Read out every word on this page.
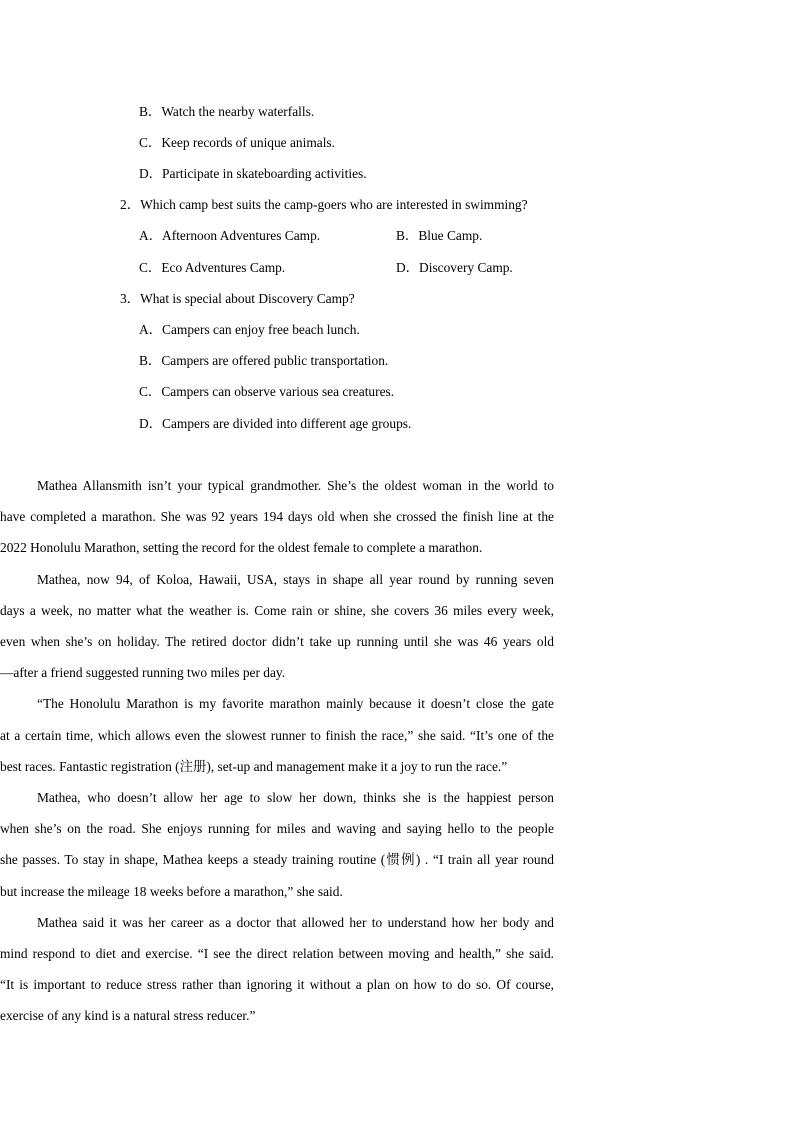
B．Watch the nearby waterfalls.
C．Keep records of unique animals.
D．Participate in skateboarding activities.
2．Which camp best suits the camp-goers who are interested in swimming?
A．Afternoon Adventures Camp.	B．Blue Camp.
C．Eco Adventures Camp.	D．Discovery Camp.
3．What is special about Discovery Camp?
A．Campers can enjoy free beach lunch.
B．Campers are offered public transportation.
C．Campers can observe various sea creatures.
D．Campers are divided into different age groups.
Mathea Allansmith isn’t your typical grandmother. She’s the oldest woman in the world to
have completed a marathon. She was 92 years 194 days old when she crossed the finish line at the
2022 Honolulu Marathon, setting the record for the oldest female to complete a marathon.
Mathea, now 94, of Koloa, Hawaii, USA, stays in shape all year round by running seven
days a week, no matter what the weather is. Come rain or shine, she covers 36 miles every week,
even when she’s on holiday. The retired doctor didn’t take up running until she was 46 years old
—after a friend suggested running two miles per day.
“The Honolulu Marathon is my favorite marathon mainly because it doesn’t close the gate
at a certain time, which allows even the slowest runner to finish the race,” she said. “It’s one of the
best races. Fantastic registration (注册), set-up and management make it a joy to run the race.”
Mathea, who doesn’t allow her age to slow her down, thinks she is the happiest person
when she’s on the road. She enjoys running for miles and waving and saying hello to the people
she passes. To stay in shape, Mathea keeps a steady training routine (惯例) . “I train all year round
but increase the mileage 18 weeks before a marathon,” she said.
Mathea said it was her career as a doctor that allowed her to understand how her body and
mind respond to diet and exercise. “I see the direct relation between moving and health,” she said.
“It is important to reduce stress rather than ignoring it without a plan on how to do so. Of course,
exercise of any kind is a natural stress reducer.”
